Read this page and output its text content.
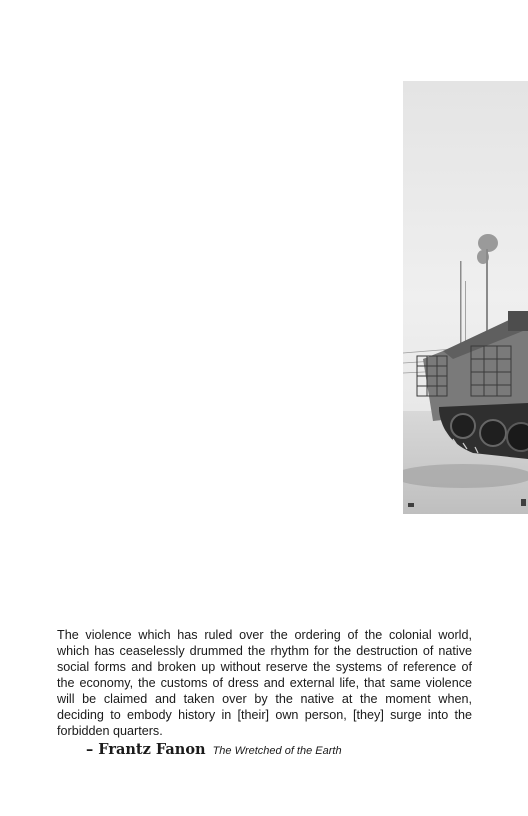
The violence which has ruled over the ordering of the colonial world, which has ceaselessly drummed the rhythm for the destruction of native social forms and broken up without reserve the systems of reference of the economy, the customs of dress and external life, that same violence will be claimed and taken over by the native at the moment when, deciding to embody history in [their] own person, [they] surge into the forbidden quarters.

– Frantz Fanon The Wretched of the Earth
